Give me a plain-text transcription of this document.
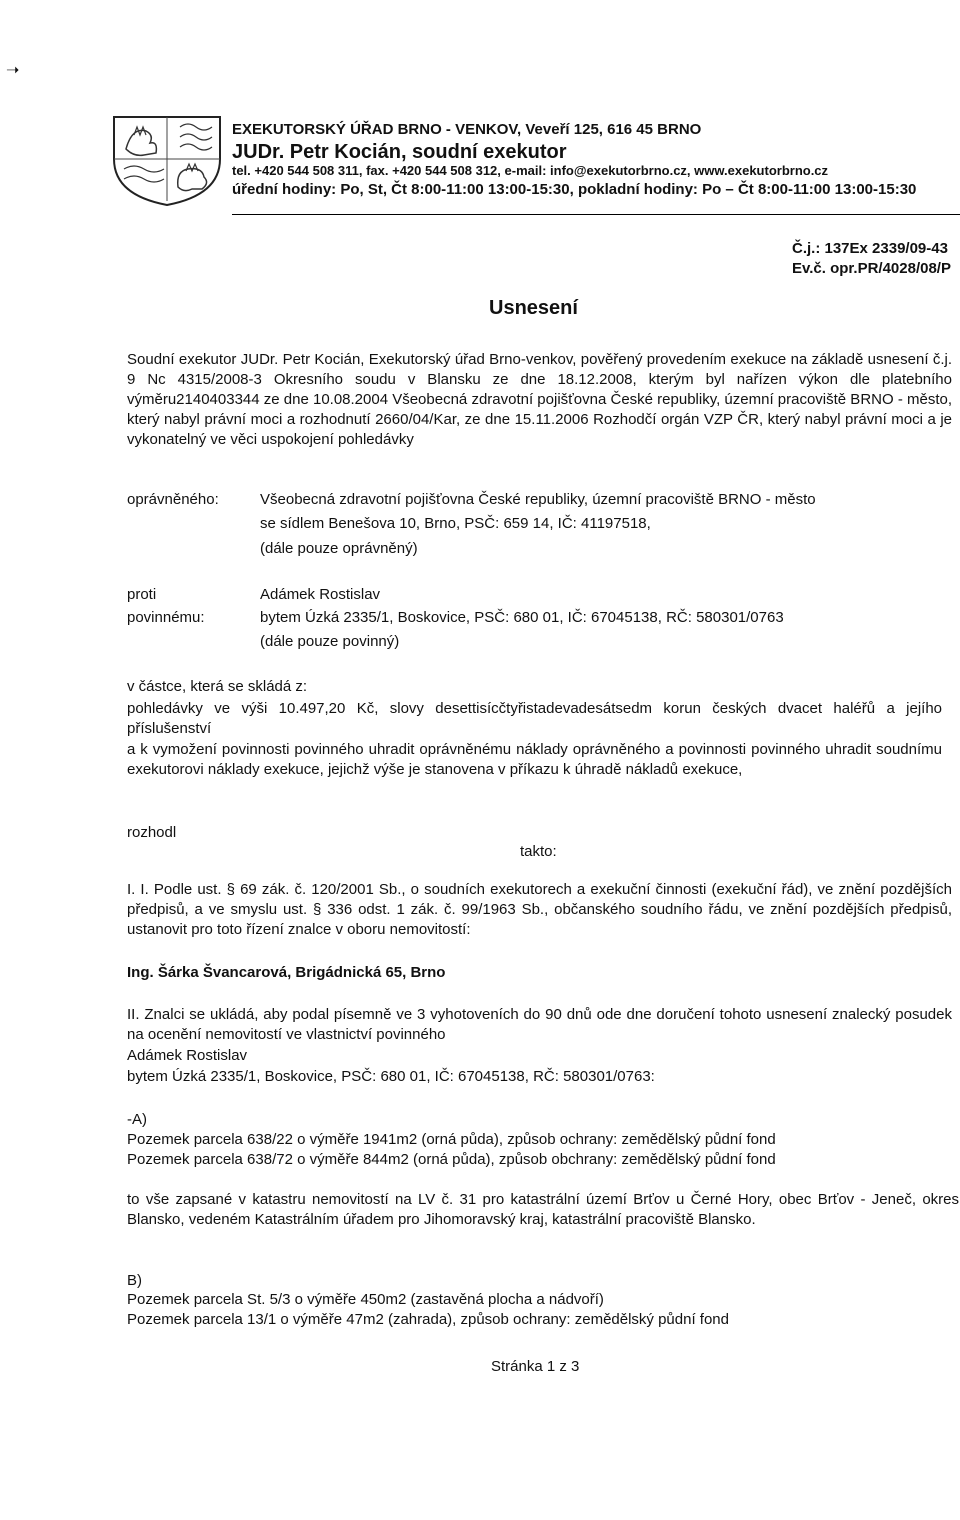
➝
EXEKUTORSKÝ ÚŘAD BRNO - VENKOV, Veveří 125, 616 45 BRNO
JUDr. Petr Kocián, soudní exekutor
tel. +420 544 508 311, fax. +420 544 508 312, e-mail: info@exekutorbrno.cz, www.exekutorbrno.cz
úřední hodiny: Po, St, Čt 8:00-11:00 13:00-15:30, pokladní hodiny: Po – Čt 8:00-11:00 13:00-15:30
Č.j.: 137Ex 2339/09-43
Ev.č. opr.PR/4028/08/P
Usnesení
Soudní exekutor JUDr. Petr Kocián, Exekutorský úřad Brno-venkov, pověřený provedením exekuce na základě usnesení č.j. 9 Nc 4315/2008-3 Okresního soudu v Blansku ze dne 18.12.2008, kterým byl nařízen výkon dle platebního výměru2140403344 ze dne 10.08.2004 Všeobecná zdravotní pojišťovna České republiky, územní pracoviště BRNO - město, který nabyl právní moci a rozhodnutí 2660/04/Kar, ze dne 15.11.2006 Rozhodčí orgán VZP ČR, který nabyl právní moci a je vykonatelný ve věci uspokojení pohledávky
oprávněného:	Všeobecná zdravotní pojišťovna České republiky, územní pracoviště BRNO - město
se sídlem Benešova 10, Brno, PSČ: 659 14, IČ: 41197518,
(dále pouze oprávněný)
proti	Adámek Rostislav
povinnému:	bytem Úzká 2335/1, Boskovice, PSČ: 680 01, IČ: 67045138, RČ: 580301/0763
(dále pouze povinný)
v částce, která se skládá z:
pohledávky ve výši 10.497,20 Kč, slovy desettisícčtyřistadevadesátsedm korun českých dvacet haléřů a jejího příslušenství
a k vymožení povinnosti povinného uhradit oprávněnému náklady oprávněného a povinnosti povinného uhradit soudnímu exekutorovi náklady exekuce, jejichž výše je stanovena v příkazu k úhradě nákladů exekuce,
rozhodl
takto:
I. I. Podle ust. § 69 zák. č. 120/2001 Sb., o soudních exekutorech a exekuční činnosti (exekuční řád), ve znění pozdějších předpisů, a ve smyslu ust. § 336 odst. 1 zák. č. 99/1963 Sb., občanského soudního řádu, ve znění pozdějších předpisů, ustanovit pro toto řízení znalce v oboru nemovitostí:
Ing. Šárka Švancarová, Brigádnická 65, Brno
II. Znalci se ukládá, aby podal písemně ve 3 vyhotoveních do 90 dnů ode dne doručení tohoto usnesení znalecký posudek na ocenění nemovitostí ve vlastnictví povinného
Adámek Rostislav
bytem Úzká 2335/1, Boskovice, PSČ: 680 01, IČ: 67045138, RČ: 580301/0763:
-A)
Pozemek parcela 638/22 o výměře 1941m2 (orná půda), způsob ochrany: zemědělský půdní fond
Pozemek parcela 638/72 o výměře 844m2 (orná půda), způsob obchrany: zemědělský půdní fond
to vše zapsané v katastru nemovitostí na LV č. 31 pro katastrální území Brťov u Černé Hory, obec Brťov - Jeneč, okres Blansko, vedeném Katastrálním úřadem pro Jihomoravský kraj, katastrální pracoviště Blansko.
B)
Pozemek parcela St. 5/3 o výměře 450m2 (zastavěná plocha a nádvoří)
Pozemek parcela 13/1 o výměře 47m2 (zahrada), způsob ochrany: zemědělský půdní fond
Stránka 1 z 3
